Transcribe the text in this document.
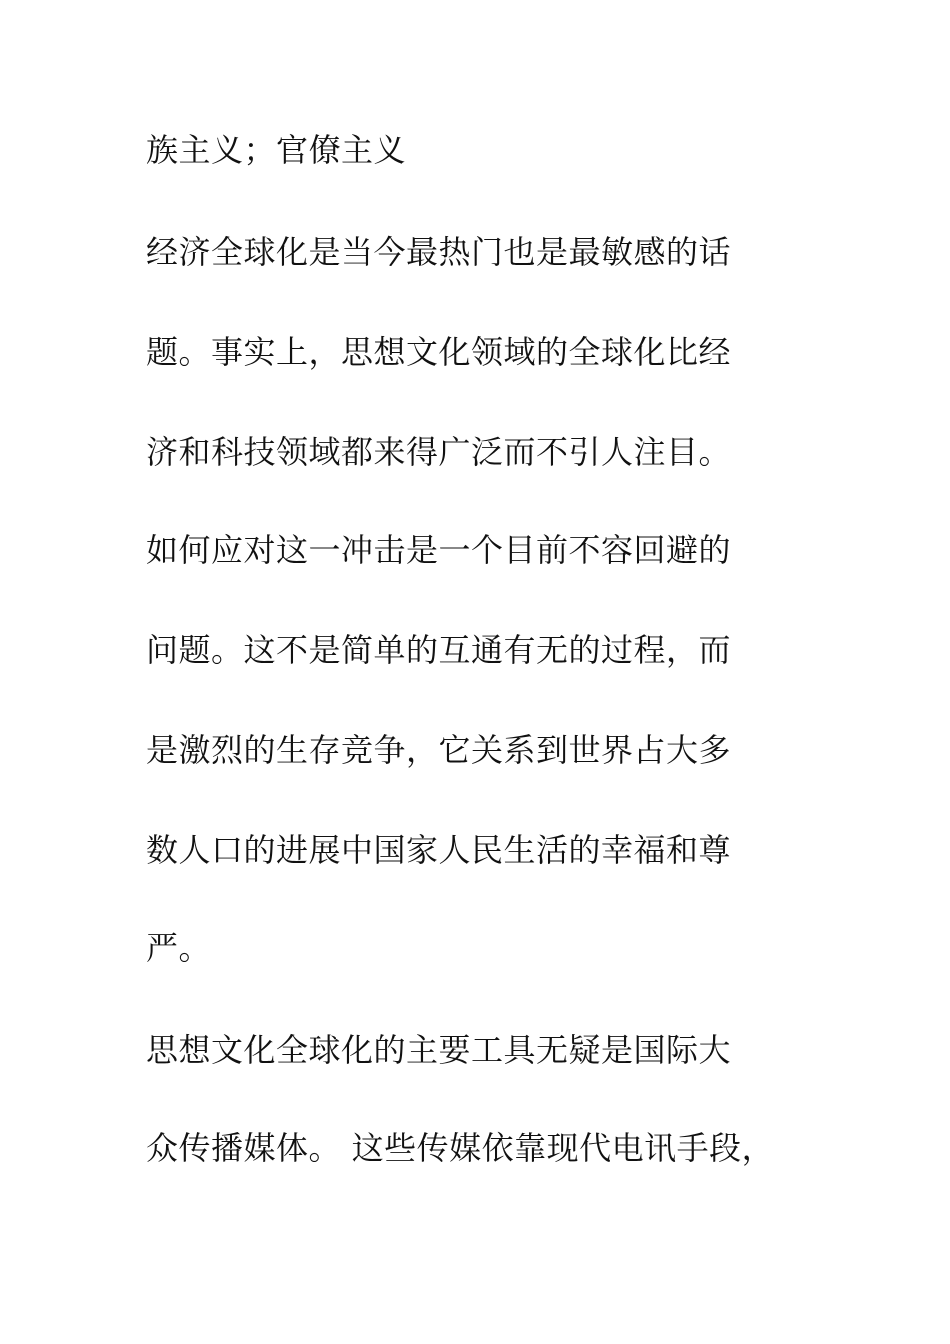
族主义；官僚主义

经济全球化是当今最热门也是最敏感的话

题。事实上，思想文化领域的全球化比经

济和科技领域都来得广泛而不引人注目。

如何应对这一冲击是一个目前不容回避的

问题。这不是简单的互通有无的过程，而

是激烈的生存竞争，它关系到世界占大多

数人口的进展中国家人民生活的幸福和尊

严。

思想文化全球化的主要工具无疑是国际大

众传播媒体。 这些传媒依靠现代电讯手段，
